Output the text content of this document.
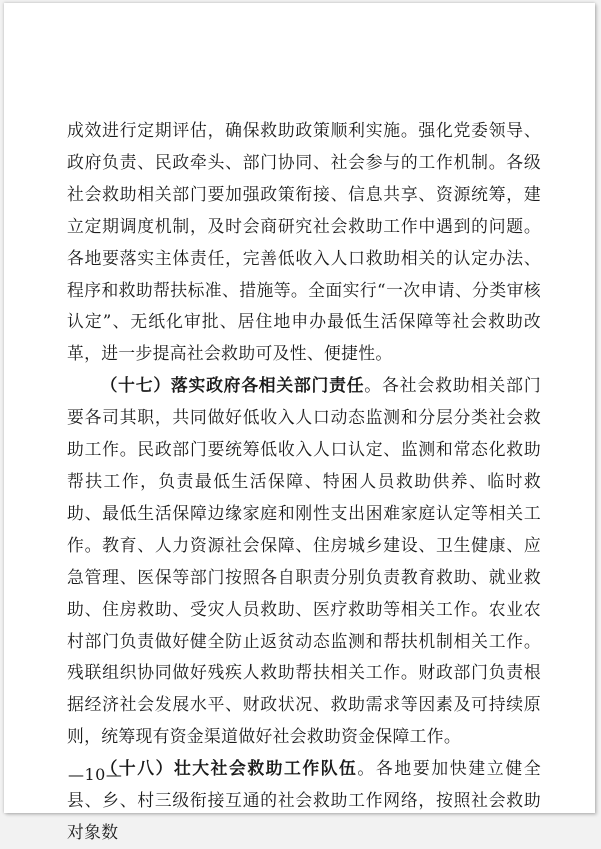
成效进行定期评估，确保救助政策顺利实施。强化党委领导、政府负责、民政牵头、部门协同、社会参与的工作机制。各级社会救助相关部门要加强政策衔接、信息共享、资源统筹，建立定期调度机制，及时会商研究社会救助工作中遇到的问题。各地要落实主体责任，完善低收入人口救助相关的认定办法、程序和救助帮扶标准、措施等。全面实行“一次申请、分类审核认定”、无纸化审批、居住地申办最低生活保障等社会救助改革，进一步提高社会救助可及性、便捷性。

（十七）落实政府各相关部门责任。各社会救助相关部门要各司其职，共同做好低收入人口动态监测和分层分类社会救助工作。民政部门要统筹低收入人口认定、监测和常态化救助帮扶工作，负责最低生活保障、特困人员救助供养、临时救助、最低生活保障边缘家庭和刚性支出困难家庭认定等相关工作。教育、人力资源社会保障、住房城乡建设、卫生健康、应急管理、医保等部门按照各自职责分别负责教育救助、就业救助、住房救助、受灾人员救助、医疗救助等相关工作。农业农村部门负责做好健全防止返贫动态监测和帮扶机制相关工作。残联组织协同做好残疾人救助帮扶相关工作。财政部门负责根据经济社会发展水平、财政状况、救助需求等因素及可持续原则，统筹现有资金渠道做好社会救助资金保障工作。

（十八）壮大社会救助工作队伍。各地要加快建立健全县、乡、村三级衔接互通的社会救助工作网络，按照社会救助对象数

—10—
